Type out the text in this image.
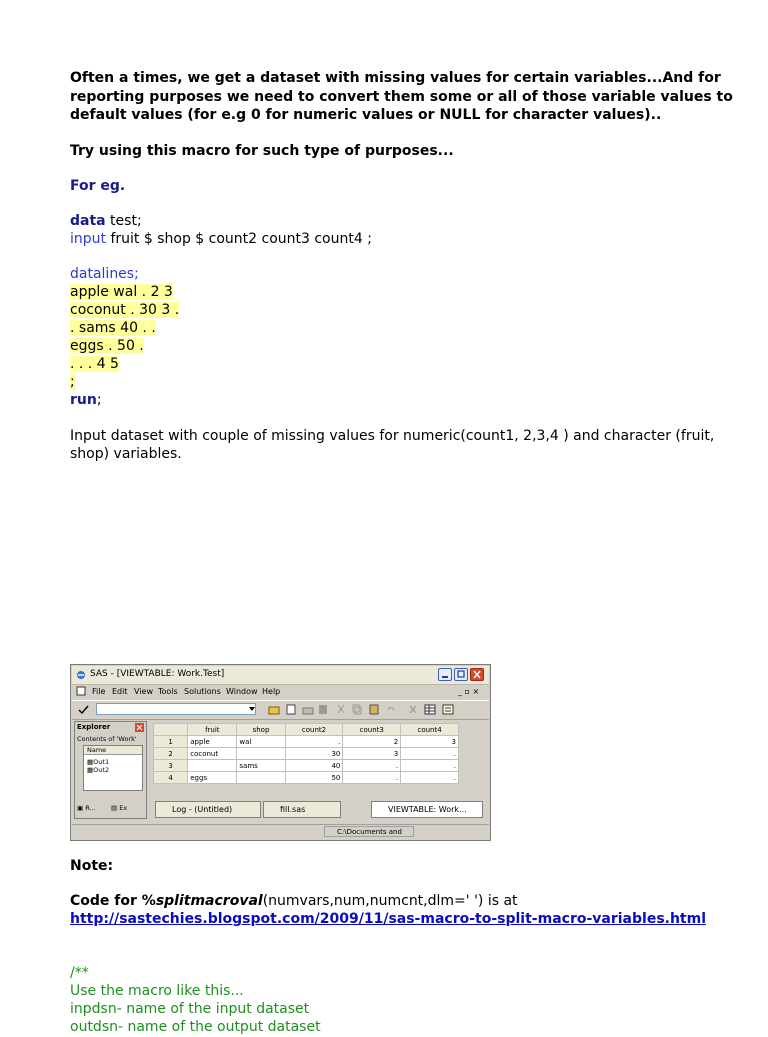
Often a times, we get a dataset with missing values for certain variables...And for
reporting purposes we need to convert them some or all of those variable values to
default values (for e.g 0 for numeric values or NULL for character values)..
Try using this macro for such type of purposes...
For eg.
data test;
input fruit $ shop $ count2 count3 count4 ;
datalines;
apple wal . 2 3
coconut . 30 3 .
. sams 40 . .
eggs . 50 .
. . . 4 5
;
run;
Input dataset with couple of missing values for numeric(count1, 2,3,4 ) and character (fruit,
shop) variables.
Note:
Code for %splitmacroval(numvars,num,numcnt,dlm=' ') is at
http://sastechies.blogspot.com/2009/11/sas-macro-to-split-macro-variables.html
/**
Use the macro like this...
inpdsn- name of the input dataset
outdsn- name of the output dataset
SAS - [VIEWTABLE: Work.Test]
File Edit View Tools Solutions Window Help	_ ▫ ×
Explorer
Contents of 'Work'
Name
▦Out1
▦Out2
▣ R... ▤ Ex
	fruit	shop	count2	count3	count4
1	apple	wal	.	2	3
2	coconut		30	3	.
3		sams	40	.	.
4	eggs		50	.	.
Log - (Untitled)	fill.sas	VIEWTABLE: Work...
C:\Documents and
